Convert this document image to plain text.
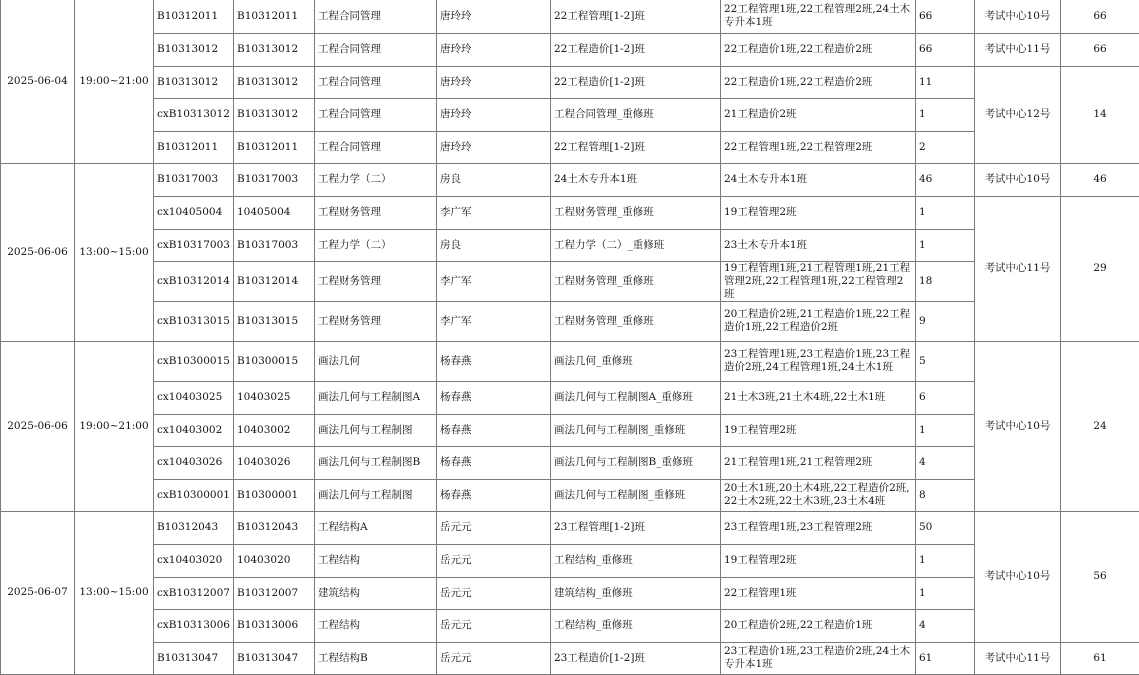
2025-06-04	19:00~21:00	B10312011	B10312011	工程合同管理	唐玲玲	22工程管理[1-2]班	22工程管理1班,22工程管理2班,24土木专升本1班	66	考试中心10号	66
		B10313012	B10313012	工程合同管理	唐玲玲	22工程造价[1-2]班	22工程造价1班,22工程造价2班	66	考试中心11号	66
		B10313012	B10313012	工程合同管理	唐玲玲	22工程造价[1-2]班	22工程造价1班,22工程造价2班	11	考试中心12号	14
		cxB10313012	B10313012	工程合同管理	唐玲玲	工程合同管理_重修班	21工程造价2班	1		
		B10312011	B10312011	工程合同管理	唐玲玲	22工程管理[1-2]班	22工程管理1班,22工程管理2班	2		
2025-06-06	13:00~15:00	B10317003	B10317003	工程力学（二）	房良	24土木专升本1班	24土木专升本1班	46	考试中心10号	46
		cx10405004	10405004	工程财务管理	李广军	工程财务管理_重修班	19工程管理2班	1	考试中心11号	29
		cxB10317003	B10317003	工程力学（二）	房良	工程力学（二）_重修班	23土木专升本1班	1		
		cxB10312014	B10312014	工程财务管理	李广军	工程财务管理_重修班	19工程管理1班,21工程管理1班,21工程管理2班,22工程管理1班,22工程管理2班	18		
		cxB10313015	B10313015	工程财务管理	李广军	工程财务管理_重修班	20工程造价2班,21工程造价1班,22工程造价1班,22工程造价2班	9		
2025-06-06	19:00~21:00	cxB10300015	B10300015	画法几何	杨春燕	画法几何_重修班	23工程管理1班,23工程造价1班,23工程造价2班,24工程管理1班,24土木1班	5	考试中心10号	24
		cx10403025	10403025	画法几何与工程制图A	杨春燕	画法几何与工程制图A_重修班	21土木3班,21土木4班,22土木1班	6		
		cx10403002	10403002	画法几何与工程制图	杨春燕	画法几何与工程制图_重修班	19工程管理2班	1		
		cx10403026	10403026	画法几何与工程制图B	杨春燕	画法几何与工程制图B_重修班	21工程管理1班,21工程管理2班	4		
		cxB10300001	B10300001	画法几何与工程制图	杨春燕	画法几何与工程制图_重修班	20土木1班,20土木4班,22工程造价2班,22土木2班,22土木3班,23土木4班	8		
2025-06-07	13:00~15:00	B10312043	B10312043	工程结构A	岳元元	23工程管理[1-2]班	23工程管理1班,23工程管理2班	50	考试中心10号	56
		cx10403020	10403020	工程结构	岳元元	工程结构_重修班	19工程管理2班	1		
		cxB10312007	B10312007	建筑结构	岳元元	建筑结构_重修班	22工程管理1班	1		
		cxB10313006	B10313006	工程结构	岳元元	工程结构_重修班	20工程造价2班,22工程造价1班	4		
		B10313047	B10313047	工程结构B	岳元元	23工程造价[1-2]班	23工程造价1班,23工程造价2班,24土木专升本1班	61	考试中心11号	61
